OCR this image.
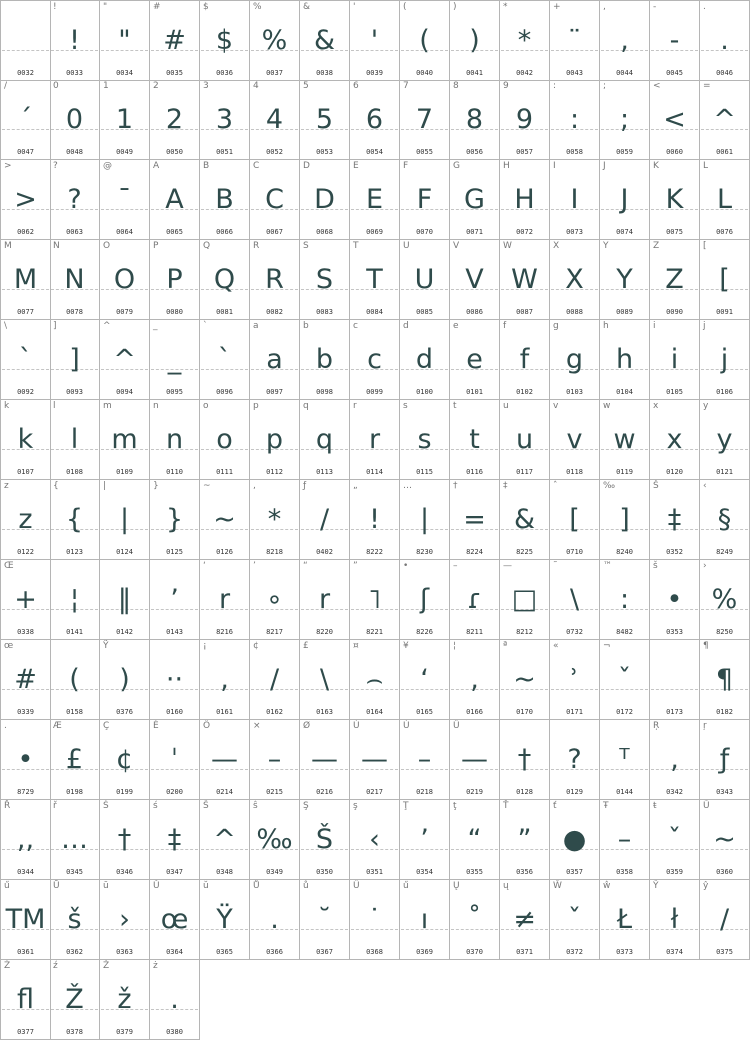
0032
!
!
0033
"
"
0034
#
#
0035
$
$
0036
%
%
0037
&
&
0038
'
'
0039
(
(
0040
)
)
0041
*
*
0042
+
¨
0043
,
,
0044
-
-
0045
.
.
0046
/
´
0047
0
0
0048
1
1
0049
2
2
0050
3
3
0051
4
4
0052
5
5
0053
6
6
0054
7
7
0055
8
8
0056
9
9
0057
:
:
0058
;
;
0059
<
<
0060
=
^
0061
>
>
0062
?
?
0063
@
¯
0064
A
A
0065
B
B
0066
C
C
0067
D
D
0068
E
E
0069
F
F
0070
G
G
0071
H
H
0072
I
I
0073
J
J
0074
K
K
0075
L
L
0076
M
M
0077
N
N
0078
O
O
0079
P
P
0080
Q
Q
0081
R
R
0082
S
S
0083
T
T
0084
U
U
0085
V
V
0086
W
W
0087
X
X
0088
Y
Y
0089
Z
Z
0090
[
[
0091
\
`
0092
]
]
0093
^
^
0094
_
_
0095
`
`
0096
a
a
0097
b
b
0098
c
c
0099
d
d
0100
e
e
0101
f
f
0102
g
g
0103
h
h
0104
i
i
0105
j
j
0106
k
k
0107
l
l
0108
m
m
0109
n
n
0110
o
o
0111
p
p
0112
q
q
0113
r
r
0114
s
s
0115
t
t
0116
u
u
0117
v
v
0118
w
w
0119
x
x
0120
y
y
0121
z
z
0122
{
{
0123
|
|
0124
}
}
0125
~
~
0126
,
*
8218
ƒ
/
0402
„
!
8222
…
|
8230
†
=
8224
‡
&
8225
ˆ
[
0710
‰
]
8240
Š
‡
0352
‹
§
8249
Œ
+
0338
¦
0141
‖
0142
’
0143
‘
r
8216
’
∘
8217
“
r
8220
”
˥
8221
•
ʃ
8226
–
ɾ
8211
—
□
8212
˜
\
0732
™
:
8482
š
•
0353
›
%
8250
œ
#
0339
(
0158
Ÿ
)
0376
··
0160
¡
,
0161
¢
/
0162
£
\
0163
¤
⌢
0164
¥
‘
0165
¦
,
0166
ª
~
0170
«
ʾ
0171
¬
ˇ
0172	0173
¶
¶
0182
.
•
8729
Æ
£
0198
Ç
¢
0199
È
ˈ
0200
Ö
—
0214
×
–
0215
Ø
—
0216
Ù
—
0217
Ú
–
0218
Û
—
0219
†
0128
?
0129
ᵀ
0144
Ŗ
,
0342
ŗ
ƒ
0343
Ř
,,
0344
ř
…
0345
Ś
†
0346
ś
‡
0347
Ŝ
^
0348
ŝ
‰
0349
Ş
Š
0350
ş
‹
0351
Ţ
’
0354
ţ
“
0355
Ť
”
0356
ť
●
0357
Ŧ
–
0358
ŧ
ˇ
0359
Ũ
~
0360
ű
TM
0361
Ū
š
0362
ū
›
0363
Ŭ
œ
0364
ŭ
Ÿ
0365
Ů
.
0366
ů
˘
0367
Ű
˙
0368
ű
ı
0369
Ų
˚
0370
ų
≠
0371
Ŵ
ˇ
0372
ŵ
Ł
0373
Ŷ
ł
0374
ŷ
/
0375
Ź
fl
0377
ź
Ž
0378
Ż
ž
0379
ż
.
0380
